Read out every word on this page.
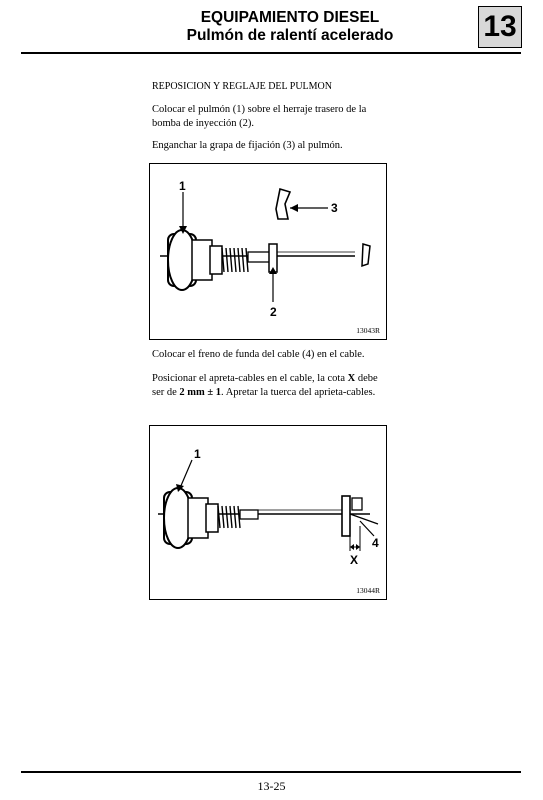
EQUIPAMIENTO DIESEL
Pulmón de ralentí acelerado	13
REPOSICION Y REGLAJE DEL PULMON

Colocar el pulmón (1) sobre el herraje trasero de la bomba de inyección (2).

Enganchar la grapa de fijación (3) al pulmón.

1
2
3
13043R

Colocar el freno de funda del cable (4) en el cable.

Posicionar el apreta-cables en el cable, la cota X debe ser de 2 mm ± 1. Apretar la tuerca del aprieta-cables.

1
4
X
13044R
13-25
